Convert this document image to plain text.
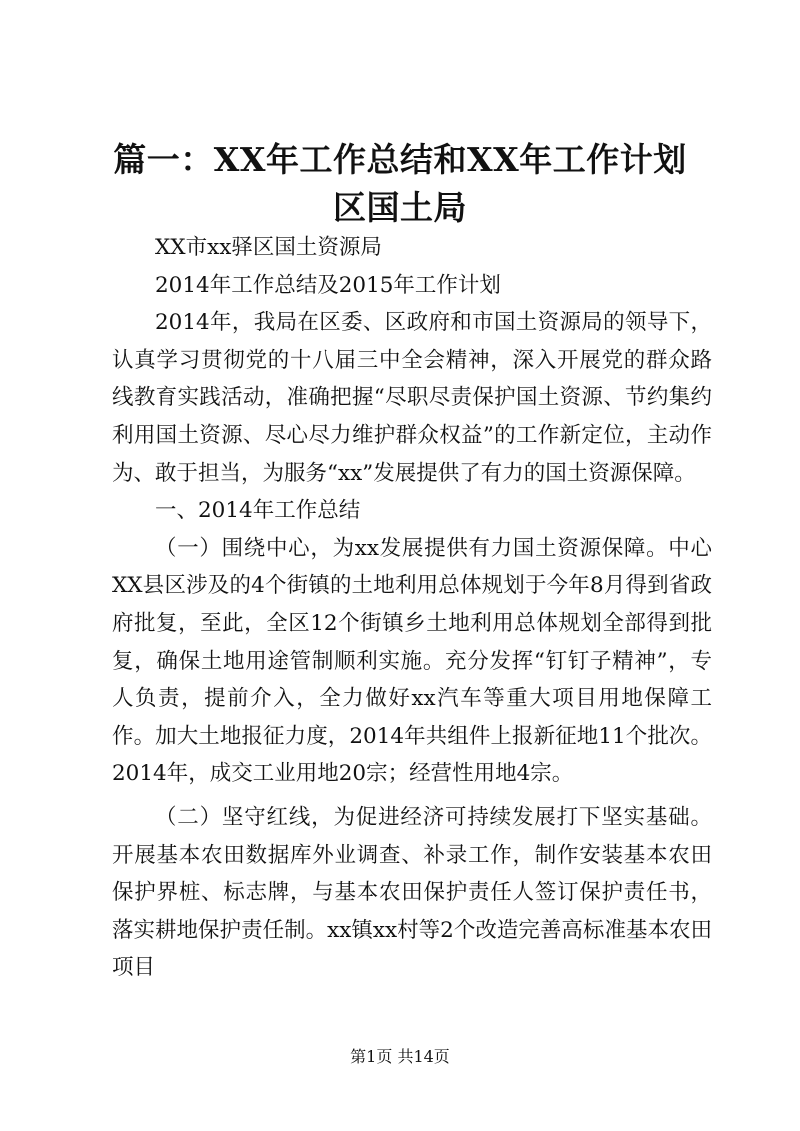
篇一：XX年工作总结和XX年工作计划区国土局

XX市xx驿区国土资源局

2014年工作总结及2015年工作计划

2014年，我局在区委、区政府和市国土资源局的领导下，认真学习贯彻党的十八届三中全会精神，深入开展党的群众路线教育实践活动，准确把握“尽职尽责保护国土资源、节约集约利用国土资源、尽心尽力维护群众权益”的工作新定位，主动作为、敢于担当，为服务“xx”发展提供了有力的国土资源保障。

一、2014年工作总结

（一）围绕中心，为xx发展提供有力国土资源保障。中心XX县区涉及的4个街镇的土地利用总体规划于今年8月得到省政府批复，至此，全区12个街镇乡土地利用总体规划全部得到批复，确保土地用途管制顺利实施。充分发挥“钉钉子精神”，专人负责，提前介入，全力做好xx汽车等重大项目用地保障工作。加大土地报征力度，2014年共组件上报新征地11个批次。2014年，成交工业用地20宗；经营性用地4宗。

（二）坚守红线，为促进经济可持续发展打下坚实基础。开展基本农田数据库外业调查、补录工作，制作安装基本农田保护界桩、标志牌，与基本农田保护责任人签订保护责任书，落实耕地保护责任制。xx镇xx村等2个改造完善高标准基本农田项目

第1页 共14页
